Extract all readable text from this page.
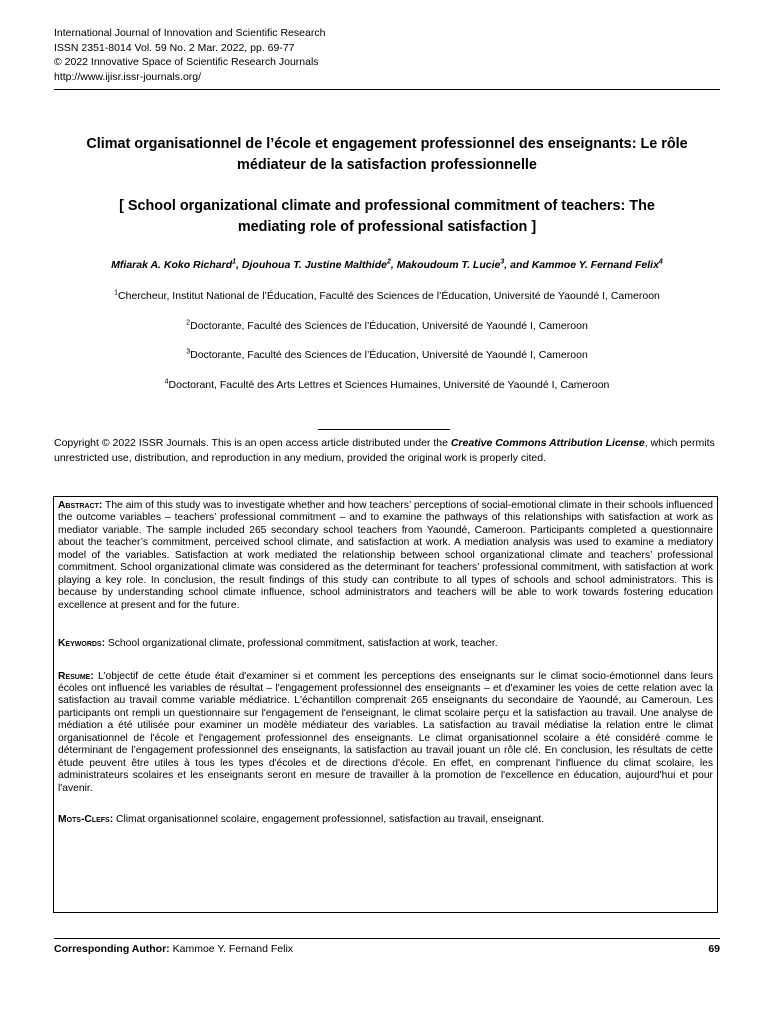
International Journal of Innovation and Scientific Research
ISSN 2351-8014 Vol. 59 No. 2 Mar. 2022, pp. 69-77
© 2022 Innovative Space of Scientific Research Journals
http://www.ijisr.issr-journals.org/
Climat organisationnel de l’école et engagement professionnel des enseignants: Le rôle
médiateur de la satisfaction professionnelle
[ School organizational climate and professional commitment of teachers: The
mediating role of professional satisfaction ]
Mfiarak A. Koko Richard$^1$, Djouhoua T. Justine Malthide$^2$, Makoudoum T. Lucie$^3$, and Kammoe Y. Fernand Felix$^4$
$^1$Chercheur, Institut National de l’Éducation, Faculté des Sciences de l’Éducation, Université de Yaoundé I, Cameroon
$^2$Doctorante, Faculté des Sciences de l’Éducation, Université de Yaoundé I, Cameroon
$^3$Doctorante, Faculté des Sciences de l’Éducation, Université de Yaoundé I, Cameroon
$^4$Doctorant, Faculté des Arts Lettres et Sciences Humaines, Université de Yaoundé I, Cameroon
Copyright © 2022 ISSR Journals. This is an open access article distributed under the Creative Commons Attribution License, which permits unrestricted use, distribution, and reproduction in any medium, provided the original work is properly cited.

Abstract: The aim of this study was to investigate whether and how teachers’ perceptions of social-emotional climate in their schools influenced the outcome variables – teachers’ professional commitment – and to examine the pathways of this relationships with satisfaction at work as mediator variable. The sample included 265 secondary school teachers from Yaoundé, Cameroon. Participants completed a questionnaire about the teacher’s commitment, perceived school climate, and satisfaction at work. A mediation analysis was used to examine a mediatory model of the variables. Satisfaction at work mediated the relationship between school organizational climate and teachers’ professional commitment. School organizational climate was considered as the determinant for teachers’ professional commitment, with satisfaction at work playing a key role. In conclusion, the result findings of this study can contribute to all types of schools and school administrators. This is because by understanding school climate influence, school administrators and teachers will be able to work towards fostering education excellence at present and for the future.

Keywords: School organizational climate, professional commitment, satisfaction at work, teacher.

Resume: L’objectif de cette étude était d'examiner si et comment les perceptions des enseignants sur le climat socio-émotionnel dans leurs écoles ont influencé les variables de résultat – l'engagement professionnel des enseignants – et d'examiner les voies de cette relation avec la satisfaction au travail comme variable médiatrice. L'échantillon comprenait 265 enseignants du secondaire de Yaoundé, au Cameroun. Les participants ont rempli un questionnaire sur l'engagement de l'enseignant, le climat scolaire perçu et la satisfaction au travail. Une analyse de médiation a été utilisée pour examiner un modèle médiateur des variables. La satisfaction au travail médiatise la relation entre le climat organisationnel de l'école et l'engagement professionnel des enseignants. Le climat organisationnel scolaire a été considéré comme le déterminant de l’engagement professionnel des enseignants, la satisfaction au travail jouant un rôle clé. En conclusion, les résultats de cette étude peuvent être utiles à tous les types d'écoles et de directions d'école. En effet, en comprenant l'influence du climat scolaire, les administrateurs scolaires et les enseignants seront en mesure de travailler à la promotion de l'excellence en éducation, aujourd'hui et pour l'avenir.

Mots-Clefs: Climat organisationnel scolaire, engagement professionnel, satisfaction au travail, enseignant.

Corresponding Author: Kammoe Y. Fernand Felix	69
